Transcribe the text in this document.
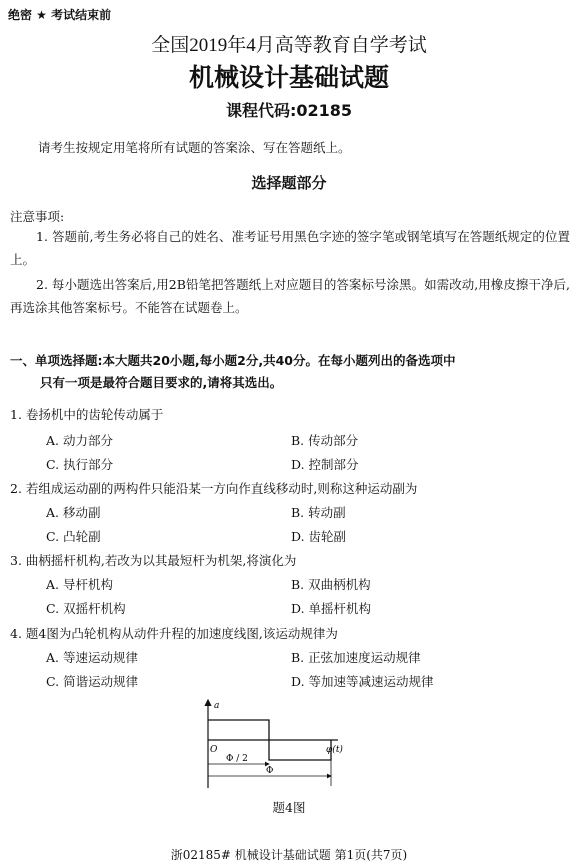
绝密 ★ 考试结束前
全国2019年4月高等教育自学考试
机械设计基础试题
课程代码:02185
请考生按规定用笔将所有试题的答案涂、写在答题纸上。
选择题部分
注意事项:
1. 答题前,考生务必将自己的姓名、准考证号用黑色字迹的签字笔或钢笔填写在答题纸规定的位置上。
2. 每小题选出答案后,用2B铅笔把答题纸上对应题目的答案标号涂黑。如需改动,用橡皮擦干净后,再选涂其他答案标号。不能答在试题卷上。
一、单项选择题:本大题共20小题,每小题2分,共40分。在每小题列出的备选项中
只有一项是最符合题目要求的,请将其选出。
1. 卷扬机中的齿轮传动属于
A. 动力部分	B. 传动部分
C. 执行部分	D. 控制部分
2. 若组成运动副的两构件只能沿某一方向作直线移动时,则称这种运动副为
A. 移动副	B. 转动副
C. 凸轮副	D. 齿轮副
3. 曲柄摇杆机构,若改为以其最短杆为机架,将演化为
A. 导杆机构	B. 双曲柄机构
C. 双摇杆机构	D. 单摇杆机构
4. 题4图为凸轮机构从动件升程的加速度线图,该运动规律为
A. 等速运动规律	B. 正弦加速度运动规律
C. 简谐运动规律	D. 等加速等减速运动规律
a
O	φ(t)
Φ / 2
Φ
题4图
浙02185# 机械设计基础试题 第1页(共7页)
